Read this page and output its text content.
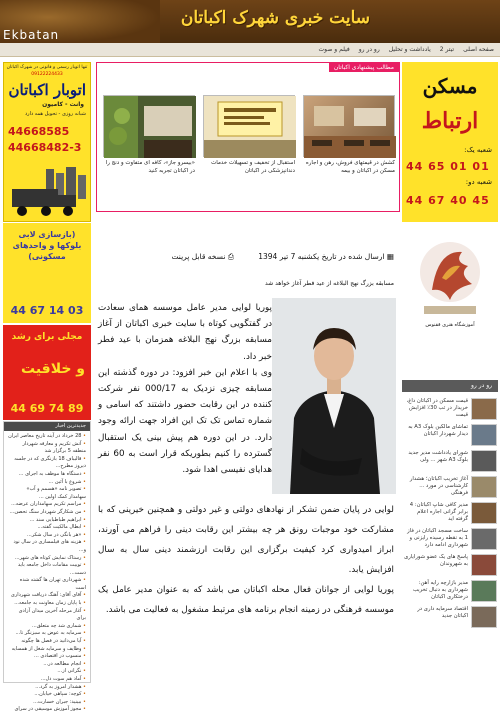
سایت خبری شهرک اکباتان
Ekbatan
صفحه اصلی
تیتر 2
یادداشت و تحلیل
رو در رو
فیلم و صوت
تنها اتوبار رسمی و قانونی در شهرک اکباتان
09122224433
اتوبار اکباتان
وانت - کامیون
شبانه روزی - تحویل همه دارد
44668585
44668482-3
(بازسازی لابی بلوکها و واحدهای مسکونی)
44 67 14 03
مجلی برای رشد
و خلاقیت
44 69 74 89
جدیدترین اخبار
• 28 خرداد در آینه تاریخ معاصر ایران
• آتش تکریم و معارفه شهردار منطقه 5 برگزار شد
• قالیباف 18 بازنگری که در جلسه دیروز مطرح...
• دستگاه ها موظف به اجرای ...
• شروع با آئین ...
• تصویر نامه «هسمم و آب» سهامدار کمک اولین ...
• مراسم تکریم سهامداران عرضه...
• من شکارگر شهردار سنگ تحصن...
• ابراهیم طباطبایی سند ...
• ابطال مالکیت گفته...
• «هر بانگی در سال شکر...
• هزینه های فیلمسازی در سال نود و...
• رستاک نمایش کوتاه های شهر...
• توییت مقامات داخل جامعه باید دست...
• شهرداری تهران ها گشته شده است
• آقای آقای: آهنگ دریافت شهرداری
• با پایان زمان معاونت به جامعه...
• آغاز مرحله آخرین میدان آزادی برای
• شماری شد چه متعلق...
• سرمایه به عوض به سبزنگر تا...
• آیا می‌دانید در فصل ها چگونه
• وظایف و سرمایه شغل از همسایه
• منسوب در اقتصادی ...
• انجام مطالعه در...
• نگرانی از...
• آماد هم سوت دل...
• هشدار امروز به گرد...
• کوچه: سپاهی خیابان...
• ببینید: جبران خسارت...
• مجوز آموزش موسیقی در سرای
مطالب پیشنهادی اکباتان
کشش در قیمتهای فروش، رهن و اجاره مسکن در اکباتان و بیمه
استقبال از تخفیف و تسهیلات خدمات دندانپزشکی در اکباتان
«بیسرو جاز»، کافه ای متفاوت و دنج را در اکباتان تجربه کنید
▦ ارسال شده در تاریخ یکشنبه 7 تیر 1394 ⎙ نسخه قابل پرینت
مسابقه بزرگ نهج البلاغه از عید فطر آغاز خواهد شد

پوریا لوایی مدیر عامل موسسه همای سعادت در گفتگویی کوتاه با سایت خبری اکباتان از آغاز مسابقه بزرگ نهج البلاغه همزمان با عید فطر خبر داد.

وی با اعلام این خبر افزود: در دوره گذشته این مسابقه چیزی نزدیک به 000/17 نفر شرکت کننده در این رقابت حضور داشتند که اسامی و شماره تماس تک تک این افراد جهت ارائه وجود دارد. در این دوره هم پیش بینی یک استقبال گسترده را کنیم بطوریکه قرار است به 60 نفر هدایای نفیسی اهدا شود.

لوایی در پایان ضمن تشکر از نهادهای دولتی و غیر دولتی و همچنین خیرینی که با مشارکت خود موجبات رونق هر چه بیشتر این رقابت دینی را فراهم می آورند، ابراز امیدواری کرد کیفیت برگزاری این رقابت ارزشمند دینی سال به سال افزایش یابد.

پوریا لوایی از جوانان فعال محله اکباتان می باشد که به عنوان مدیر عامل یک موسسه فرهنگی در زمینه انجام برنامه های مرتبط مشغول به فعالیت می باشد.

مسکن
ارتباط
شعبه یک:
44 65 01 01
شعبه دو:
44 67 40 45
آموزشگاه هنری ققنوس
رو در رو
قیمت مسکن در اکباتان داغ، خریدار در تب 30٪ افزایش قیمت
تماشای مالکین بلوک A3 به دیدار شهردار اکباتان
شورای یادداشت مدیر جدید بلوک A3 شهر ... ولی
آغاز تخریب اکباتان؛ هشدار کارشناسی در مورد ... فرهنگی
مدیر کافی شاپ اکباتان: 4 برابر گرانی اجاره اعلام گرفته اید
ساخت مسجد اکباتان در فاز 1 به نقطه رسیده رایزنی و شهرداری ادامه دارد
پاسخ های یک عضو شورایاری به شهروندان
مدیر بازارچه رایه آهن: شهرداری به دنبال تخریب درختکاری اکباتان
اقتصاد سرمایه داری در اکباتان جدید
